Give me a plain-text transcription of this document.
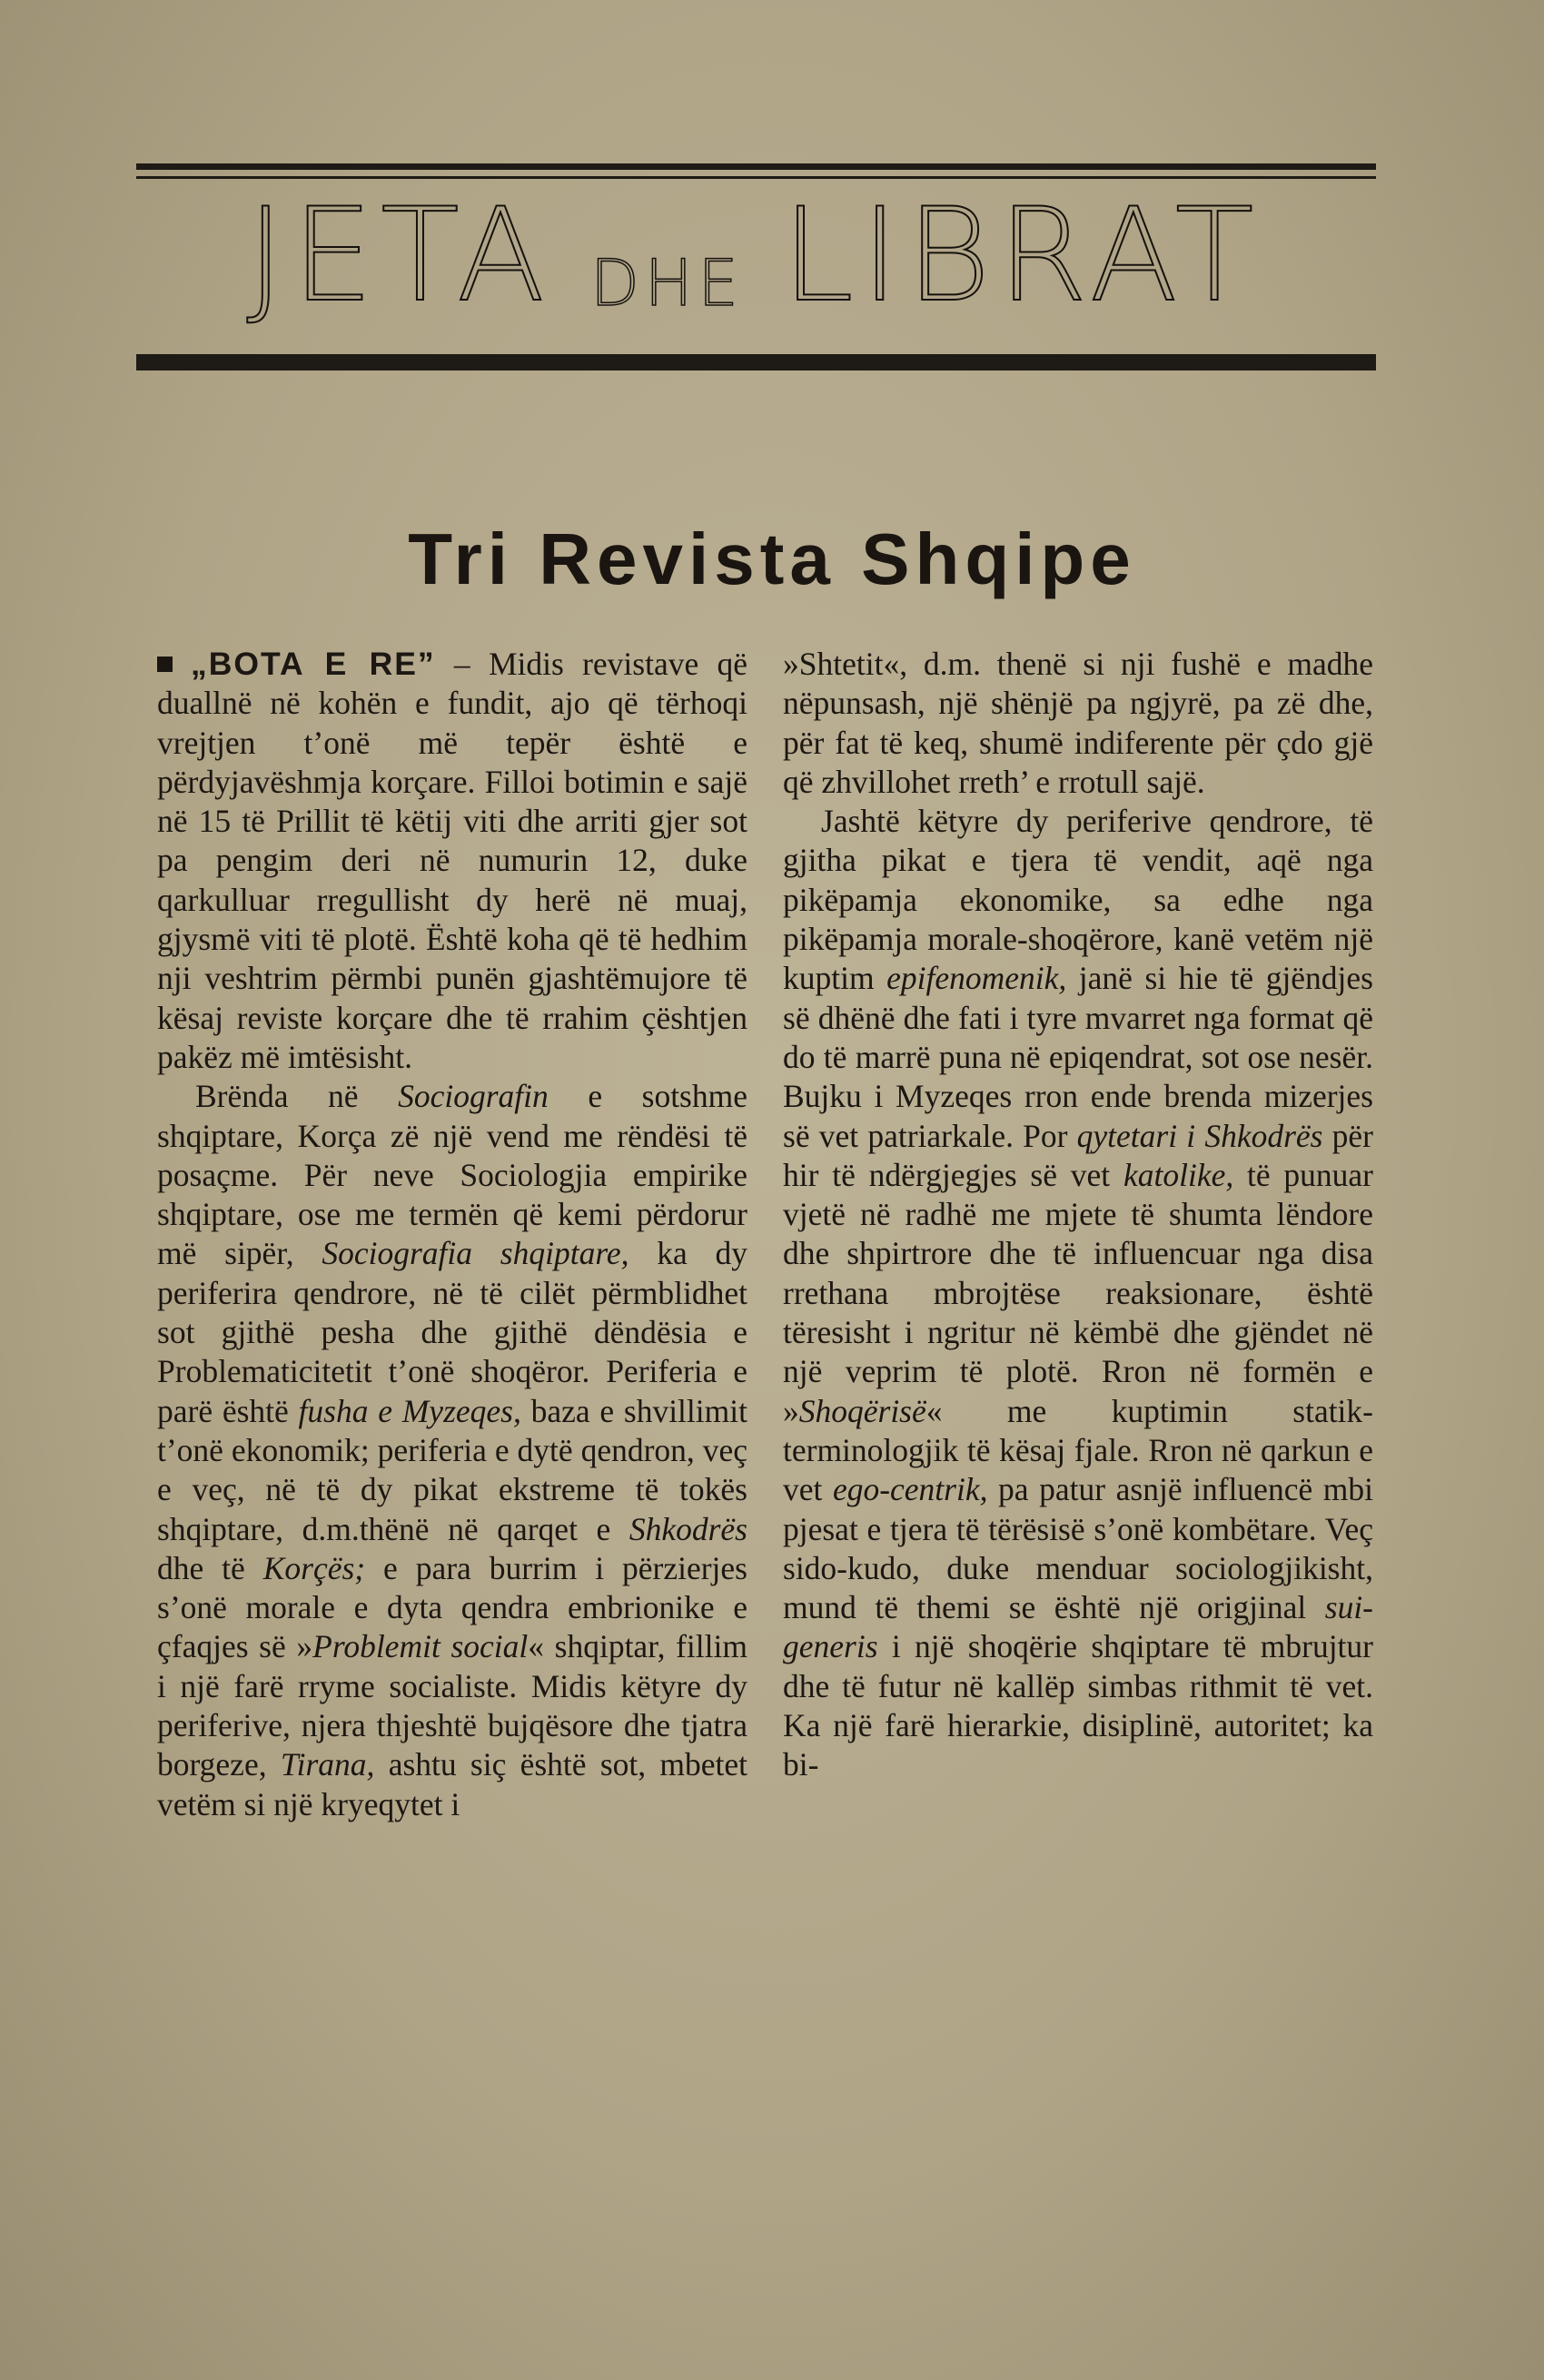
JETA DHE LIBRAT
Tri Revista Shqipe

„BOTA E RE” – Midis revistave që duallnë në kohën e fundit, ajo që tërhoqi vrejtjen t’onë më tepër është e përdyjavëshmja korçare. Filloi botimin e sajë në 15 të Prillit të këtij viti dhe arriti gjer sot pa pengim deri në numurin 12, duke qarkulluar rregullisht dy herë në muaj, gjysmë viti të plotë. Është koha që të hedhim nji veshtrim përmbi punën gjashtëmujore të kësaj reviste korçare dhe të rrahim çështjen pakëz më imtësisht.

Brënda në Sociografin e sotshme shqiptare, Korça zë një vend me rëndësi të posaçme. Për neve Sociologjia empirike shqiptare, ose me termën që kemi përdorur më sipër, Sociografia shqiptare, ka dy periferira qendrore, në të cilët përmblidhet sot gjithë pesha dhe gjithë dëndësia e Problematicitetit t’onë shoqëror. Periferia e parë është fusha e Myzeqes, baza e shvillimit t’onë ekonomik; periferia e dytë qendron, veç e veç, në të dy pikat ekstreme të tokës shqiptare, d.m.thënë në qarqet e Shkodrës dhe të Korçës; e para burrim i përzierjes s’onë morale e dyta qendra embrionike e çfaqjes së »Problemit social« shqiptar, fillim i një farë rryme socialiste. Midis këtyre dy periferive, njera thjeshtë bujqësore dhe tjatra borgeze, Tirana, ashtu siç është sot, mbetet vetëm si një kryeqytet i

»Shtetit«, d.m. thenë si nji fushë e madhe nëpunsash, një shënjë pa ngjyrë, pa zë dhe, për fat të keq, shumë indiferente për çdo gjë që zhvillohet rreth’ e rrotull sajë.

Jashtë këtyre dy periferive qendrore, të gjitha pikat e tjera të vendit, aqë nga pikëpamja ekonomike, sa edhe nga pikëpamja morale-shoqërore, kanë vetëm një kuptim epifenomenik, janë si hie të gjëndjes së dhënë dhe fati i tyre mvarret nga format që do të marrë puna në epiqendrat, sot ose nesër. Bujku i Myzeqes rron ende brenda mizerjes së vet patriarkale. Por qytetari i Shkodrës për hir të ndërgjegjes së vet katolike, të punuar vjetë në radhë me mjete të shumta lëndore dhe shpirtrore dhe të influencuar nga disa rrethana mbrojtëse reaksionare, është tëresisht i ngritur në këmbë dhe gjëndet në një veprim të plotë. Rron në formën e »Shoqërisë« me kuptimin statik-terminologjik të kësaj fjale. Rron në qarkun e vet ego-centrik, pa patur asnjë influencë mbi pjesat e tjera të tërësisë s’onë kombëtare. Veç sido-kudo, duke menduar sociologjikisht, mund të themi se është një origjinal sui-generis i një shoqërie shqiptare të mbrujtur dhe të futur në kallëp simbas rithmit të vet. Ka një farë hierarkie, disiplinë, autoritet; ka bi-
